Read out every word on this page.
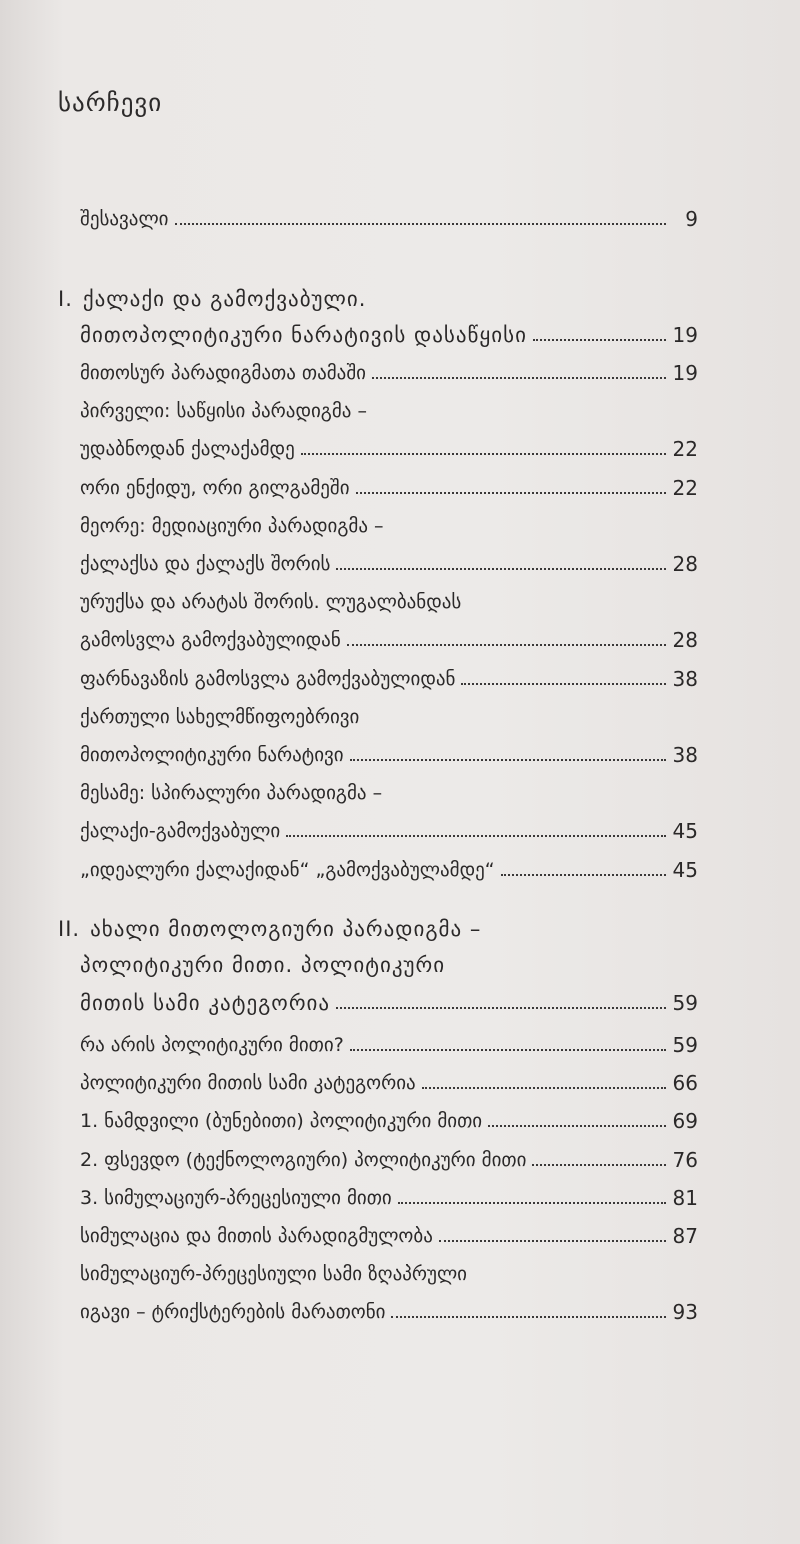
სარჩევი
შესავალი	9
I. ქალაქი და გამოქვაბული.
მითოპოლიტიკური ნარატივის დასაწყისი	19
მითოსურ პარადიგმათა თამაში	19
პირველი: საწყისი პარადიგმა –
უდაბნოდან ქალაქამდე	22
ორი ენქიდუ, ორი გილგამეში	22
მეორე: მედიაციური პარადიგმა –
ქალაქსა და ქალაქს შორის	28
ურუქსა და არატას შორის. ლუგალბანდას
გამოსვლა გამოქვაბულიდან	28
ფარნავაზის გამოსვლა გამოქვაბულიდან	38
ქართული სახელმწიფოებრივი
მითოპოლიტიკური ნარატივი	38
მესამე: სპირალური პარადიგმა –
ქალაქი-გამოქვაბული	45
„იდეალური ქალაქიდან“ „გამოქვაბულამდე“	45
II. ახალი მითოლოგიური პარადიგმა –
პოლიტიკური მითი. პოლიტიკური
მითის სამი კატეგორია	59
რა არის პოლიტიკური მითი?	59
პოლიტიკური მითის სამი კატეგორია	66
1. ნამდვილი (ბუნებითი) პოლიტიკური მითი	69
2. ფსევდო (ტექნოლოგიური) პოლიტიკური მითი	76
3. სიმულაციურ-პრეცესიული მითი	81
სიმულაცია და მითის პარადიგმულობა	87
სიმულაციურ-პრეცესიული სამი ზღაპრული
იგავი – ტრიქსტერების მარათონი	93
